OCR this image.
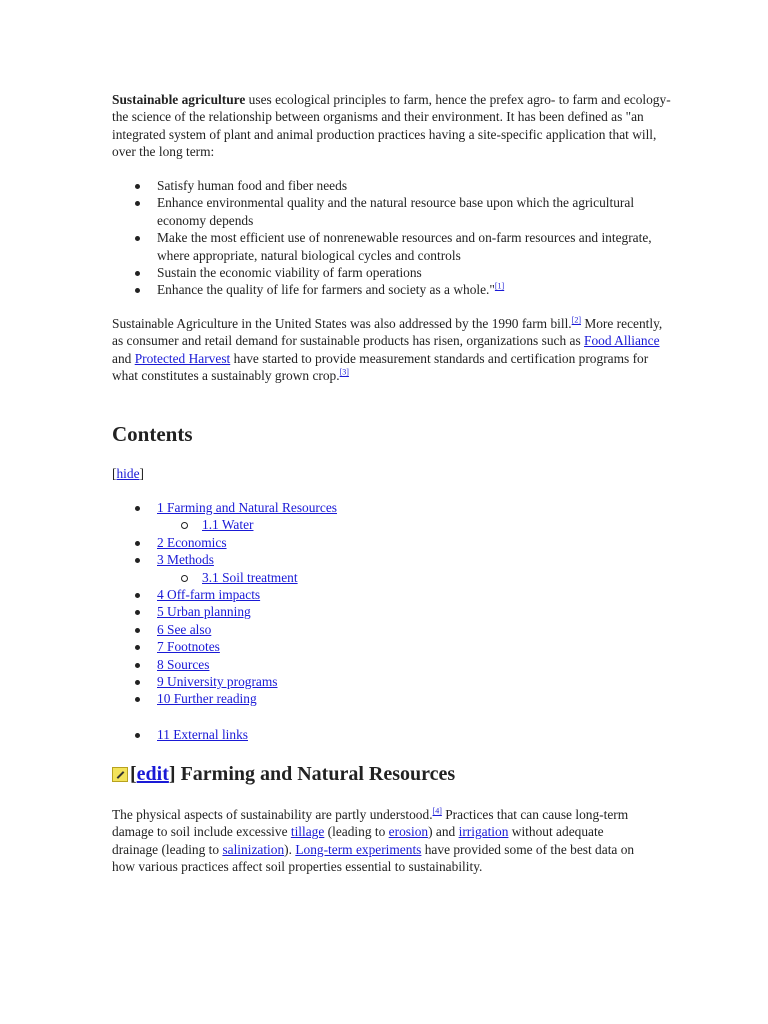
Sustainable agriculture uses ecological principles to farm, hence the prefex agro- to farm and ecology- the science of the relationship between organisms and their environment. It has been defined as "an integrated system of plant and animal production practices having a site-specific application that will, over the long term:

Satisfy human food and fiber needs
Enhance environmental quality and the natural resource base upon which the agricultural economy depends
Make the most efficient use of nonrenewable resources and on-farm resources and integrate, where appropriate, natural biological cycles and controls
Sustain the economic viability of farm operations
Enhance the quality of life for farmers and society as a whole."[1]

Sustainable Agriculture in the United States was also addressed by the 1990 farm bill.[2] More recently, as consumer and retail demand for sustainable products has risen, organizations such as Food Alliance and Protected Harvest have started to provide measurement standards and certification programs for what constitutes a sustainably grown crop.[3]

Contents

[hide]

1 Farming and Natural Resources
1.1 Water
2 Economics
3 Methods
3.1 Soil treatment
4 Off-farm impacts
5 Urban planning
6 See also
7 Footnotes
8 Sources
9 University programs
10 Further reading
11 External links
[ edit ] Farming and Natural Resources

The physical aspects of sustainability are partly understood.[4] Practices that can cause long-term damage to soil include excessive tillage (leading to erosion) and irrigation without adequate drainage (leading to salinization). Long-term experiments have provided some of the best data on how various practices affect soil properties essential to sustainability.
